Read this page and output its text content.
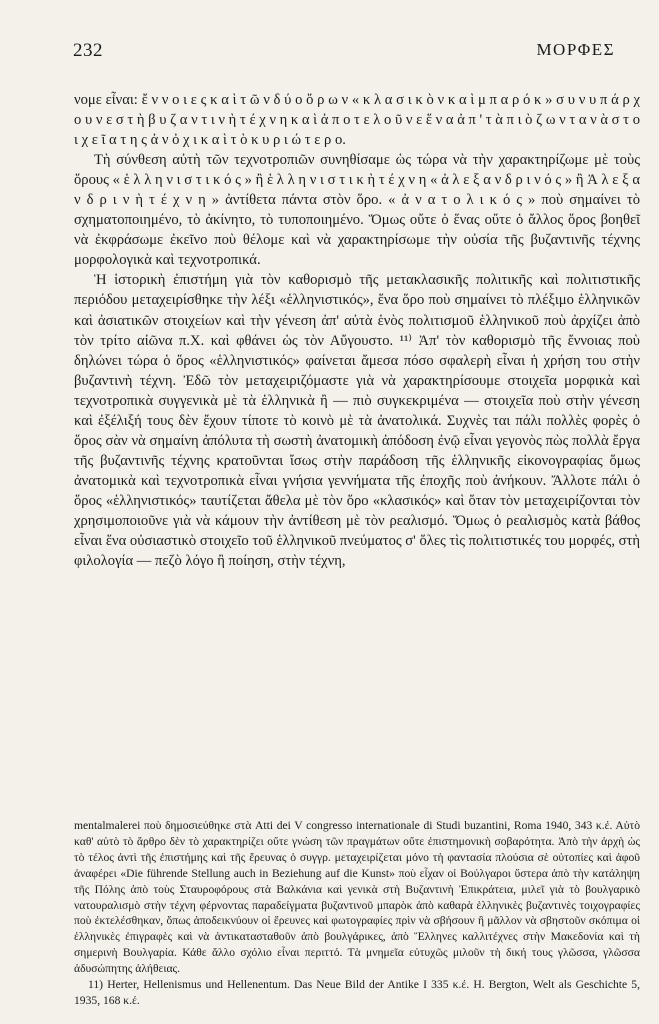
232	ΜΟΡΦΕΣ

νομε εἶναι: ἔ ν ν ο ι ε ς κ α ὶ τ ῶ ν δ ύ ο ὅ ρ ω ν « κ λ α σ ι κ ὸ ν κ α ὶ μ π α ρ ό κ » σ υ ν υ π ά ρ χ ο υ ν ε σ τ ὴ β υ ζ α ν τ ι ν ὴ τ έ χ ν η κ α ὶ ἀ π ο τ ε λ ο ῦ ν ε ἕ ν α ἀ π ' τ ὰ π ι ὸ ζ ω ν τ α ν ὰ σ τ ο ι χ ε ῖ α τ η ς ἀ ν ὀ χ ι κ α ὶ τ ὸ κ υ ρ ι ώ τ ε ρ ο.

Τὴ σύνθεση αὐτὴ τῶν τεχνοτροπιῶν συνηθίσαμε ὡς τώρα νὰ τὴν χαρακτηρίζωμε μὲ τοὺς ὅρους « ἑ λ λ η ν ι σ τ ι κ ό ς » ἢ ἑ λ λ η ν ι σ τ ι κ ὴ τ έ χ ν η « ἀ λ ε ξ α ν δ ρ ι ν ό ς » ἢ Ἀ λ ε ξ α ν δ ρ ι ν ὴ τ έ χ ν η » ἀντίθετα πάντα στὸν ὅρο. « ἀ ν α τ ο λ ι κ ό ς » ποὺ σημαίνει τὸ σχηματοποιημένο, τὸ ἀκίνητο, τὸ τυποποιημένο. Ὅμως οὔτε ὁ ἕνας οὔτε ὁ ἄλλος ὅρος βοηθεῖ νὰ ἐκφράσωμε ἐκεῖνο ποὺ θέλομε καὶ νὰ χαρακτηρίσωμε τὴν οὐσία τῆς βυζαντινῆς τέχνης μορφολογικὰ καὶ τεχνοτροπικά.

Ἡ ἱστορικὴ ἐπιστήμη γιὰ τὸν καθορισμὸ τῆς μετακλασικῆς πολιτικῆς καὶ πολιτιστικῆς περιόδου μεταχειρίσθηκε τὴν λέξι «ἑλληνιστικός», ἕνα ὅρο ποὺ σημαίνει τὸ πλέξιμο ἑλληνικῶν καὶ ἀσιατικῶν στοιχείων καὶ τὴν γένεση ἀπ' αὐτὰ ἑνὸς πολιτισμοῦ ἑλληνικοῦ ποὺ ἀρχίζει ἀπὸ τὸν τρίτο αἰῶνα π.Χ. καὶ φθάνει ὡς τὸν Αὔγουστο. ¹¹⁾ Ἀπ' τὸν καθορισμὸ τῆς ἔννοιας ποὺ δηλώνει τώρα ὁ ὅρος «ἑλληνιστικός» φαίνεται ἄμεσα πόσο σφαλερὴ εἶναι ἡ χρήση του στὴν βυζαντινὴ τέχνη. Ἐδῶ τὸν μεταχειριζόμαστε γιὰ νὰ χαρακτηρίσουμε στοιχεῖα μορφικὰ καὶ τεχνοτροπικὰ συγγενικὰ μὲ τὰ ἑλληνικὰ ἢ — πιὸ συγκεκριμένα — στοιχεῖα ποὺ στὴν γένεση καὶ ἐξέλιξή τους δὲν ἔχουν τίποτε τὸ κοινὸ μὲ τὰ ἀνατολικά. Συχνὲς ται πάλι πολλὲς φορὲς ὁ ὅρος σὰν νὰ σημαίνη ἀπόλυτα τὴ σωστὴ ἀνατομικὴ ἀπόδοση ἐνῷ εἶναι γεγονὸς πὼς πολλὰ ἔργα τῆς βυζαντινῆς τέχνης κρατοῦνται ἴσως στὴν παράδοση τῆς ἑλληνικῆς εἰκονογραφίας ὅμως ἀνατομικὰ καὶ τεχνοτροπικὰ εἶναι γνήσια γεννήματα τῆς ἐποχῆς ποὺ ἀνήκουν. Ἄλλοτε πάλι ὁ ὅρος «ἑλληνιστικός» ταυτίζεται ἄθελα μὲ τὸν ὅρο «κλασικός» καὶ ὅταν τὸν μεταχειρίζονται τὸν χρησιμοποιοῦνε γιὰ νὰ κάμουν τὴν ἀντίθεση μὲ τὸν ρεαλισμό. Ὅμως ὁ ρεαλισμὸς κατὰ βάθος εἶναι ἕνα οὐσιαστικὸ στοιχεῖο τοῦ ἑλληνικοῦ πνεύματος σ' ὅλες τὶς πολιτιστικές του μορφές, στὴ φιλολογία — πεζὸ λόγο ἢ ποίηση, στὴν τέχνη,

mentalmalerei ποὺ δημοσιεύθηκε στὰ Atti dei V congresso internationale di Studi buzantini, Roma 1940, 343 κ.έ. Αὐτὸ καθ' αὑτὸ τὸ ἄρθρο δὲν τὸ χαρακτηρίζει οὔτε γνώση τῶν πραγμάτων οὔτε ἐπιστημονικὴ σοβαρότητα. Ἀπὸ τὴν ἀρχὴ ὡς τὸ τέλος ἀντὶ τῆς ἐπιστήμης καὶ τῆς ἔρευνας ὁ συγγρ. μεταχειρίζεται μόνο τὴ φαντασία πλούσια σὲ οὐτοπίες καὶ ἀφοῦ ἀναφέρει «Die führende Stellung auch in Beziehung auf die Kunst» ποὺ εἶχαν οἱ Βούλγαροι ὕστερα ἀπὸ τὴν κατάληψη τῆς Πόλης ἀπὸ τοὺς Σταυροφόρους στὰ Βαλκάνια καὶ γενικὰ στὴ Βυζαντινὴ Ἐπικράτεια, μιλεῖ γιὰ τὸ βουλγαρικὸ νατουραλισμὸ στὴν τέχνη φέρνοντας παραδείγματα βυζαντινοῦ μπαρὸκ ἀπὸ καθαρὰ ἑλληνικὲς βυζαντινὲς τοιχογραφίες ποὺ ἐκτελέσθηκαν, ὅπως ἀποδεικνύουν οἱ ἔρευνες καὶ φωτογραφίες πρὶν νὰ σβήσουν ἢ μᾶλλον νὰ σβηστοῦν σκόπιμα οἱ ἑλληνικὲς ἐπιγραφὲς καὶ νὰ ἀντικατασταθοῦν ἀπὸ βουλγάρικες, ἀπὸ Ἕλληνες καλλιτέχνες στὴν Μακεδονία καὶ τὴ σημερινὴ Βουλγαρία. Κάθε ἄλλο σχόλιο εἶναι περιττό. Τὰ μνημεῖα εὐτυχῶς μιλοῦν τὴ δική τους γλῶσσα, γλῶσσα ἀδυσώπητης ἀλήθειας.

11) Herter, Hellenismus und Hellenentum. Das Neue Bild der Antike I 335 κ.έ. H. Bergton, Welt als Geschichte 5, 1935, 168 κ.έ.
